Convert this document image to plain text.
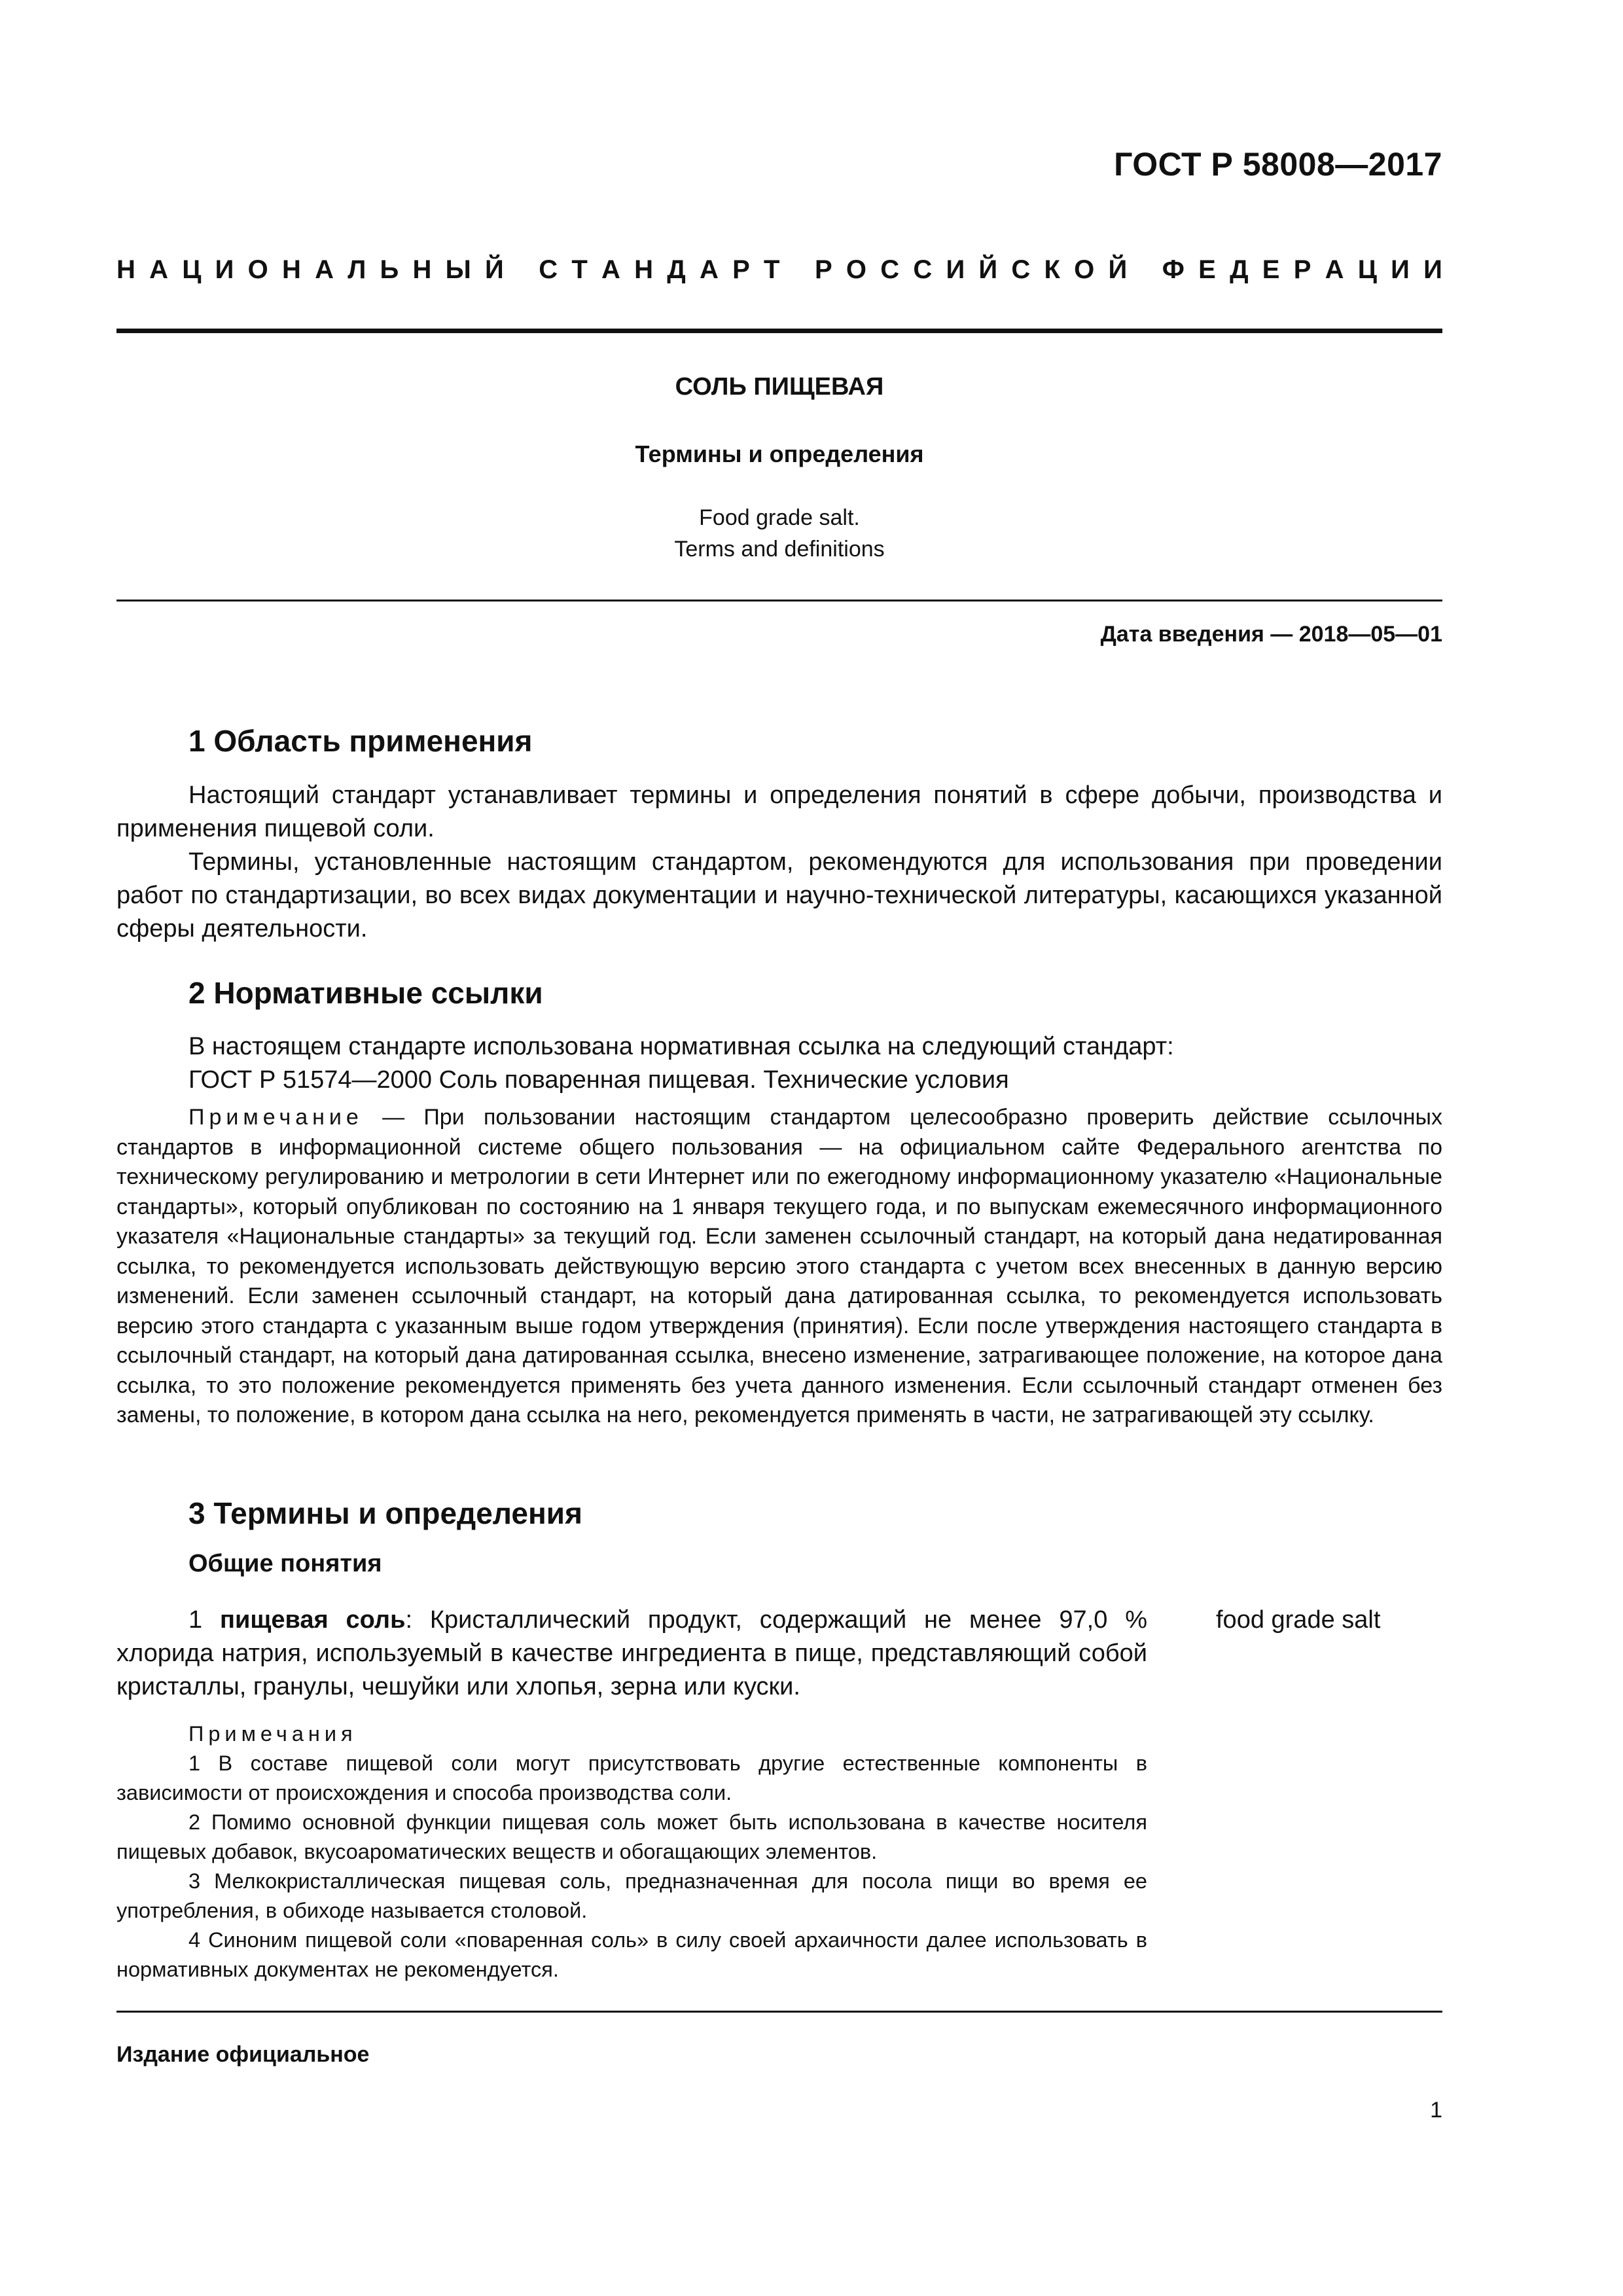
ГОСТ Р 58008—2017
Н А Ц И О Н А Л Ь Н Ы Й
С Т А Н Д А Р Т
Р О С С И Й С К О Й
Ф Е Д Е Р А Ц И И
СОЛЬ ПИЩЕВАЯ
Термины и определения
Food grade salt.
Terms and definitions
Дата введения — 2018—05—01
1 Область применения
Настоящий стандарт устанавливает термины и определения понятий в сфере добычи, производства и применения пищевой соли.
Термины, установленные настоящим стандартом, рекомендуются для использования при проведении работ по стандартизации, во всех видах документации и научно-технической литературы, касающихся указанной сферы деятельности.
2 Нормативные ссылки
В настоящем стандарте использована нормативная ссылка на следующий стандарт:
ГОСТ Р 51574—2000 Соль поваренная пищевая. Технические условия
Примечание — При пользовании настоящим стандартом целесообразно проверить действие ссылочных стандартов в информационной системе общего пользования — на официальном сайте Федерального агентства по техническому регулированию и метрологии в сети Интернет или по ежегодному информационному указателю «Национальные стандарты», который опубликован по состоянию на 1 января текущего года, и по выпускам ежемесячного информационного указателя «Национальные стандарты» за текущий год. Если заменен ссылочный стандарт, на который дана недатированная ссылка, то рекомендуется использовать действующую версию этого стандарта с учетом всех внесенных в данную версию изменений. Если заменен ссылочный стандарт, на который дана датированная ссылка, то рекомендуется использовать версию этого стандарта с указанным выше годом утверждения (принятия). Если после утверждения настоящего стандарта в ссылочный стандарт, на который дана датированная ссылка, внесено изменение, затрагивающее положение, на которое дана ссылка, то это положение рекомендуется применять без учета данного изменения. Если ссылочный стандарт отменен без замены, то положение, в котором дана ссылка на него, рекомендуется применять в части, не затрагивающей эту ссылку.
3 Термины и определения
Общие понятия
1 пищевая соль: Кристаллический продукт, содержащий не менее 97,0 % хлорида натрия, используемый в качестве ингредиента в пище, представляющий собой кристаллы, гранулы, чешуйки или хлопья, зерна или куски.
food grade salt

Примечания

1 В составе пищевой соли могут присутствовать другие естественные компоненты в зависимости от происхождения и способа производства соли.

2 Помимо основной функции пищевая соль может быть использована в качестве носителя пищевых добавок, вкусоароматических веществ и обогащающих элементов.

3 Мелкокристаллическая пищевая соль, предназначенная для посола пищи во время ее употребления, в обиходе называется столовой.

4 Синоним пищевой соли «поваренная соль» в силу своей архаичности далее использовать в нормативных документах не рекомендуется.

Издание официальное
1
